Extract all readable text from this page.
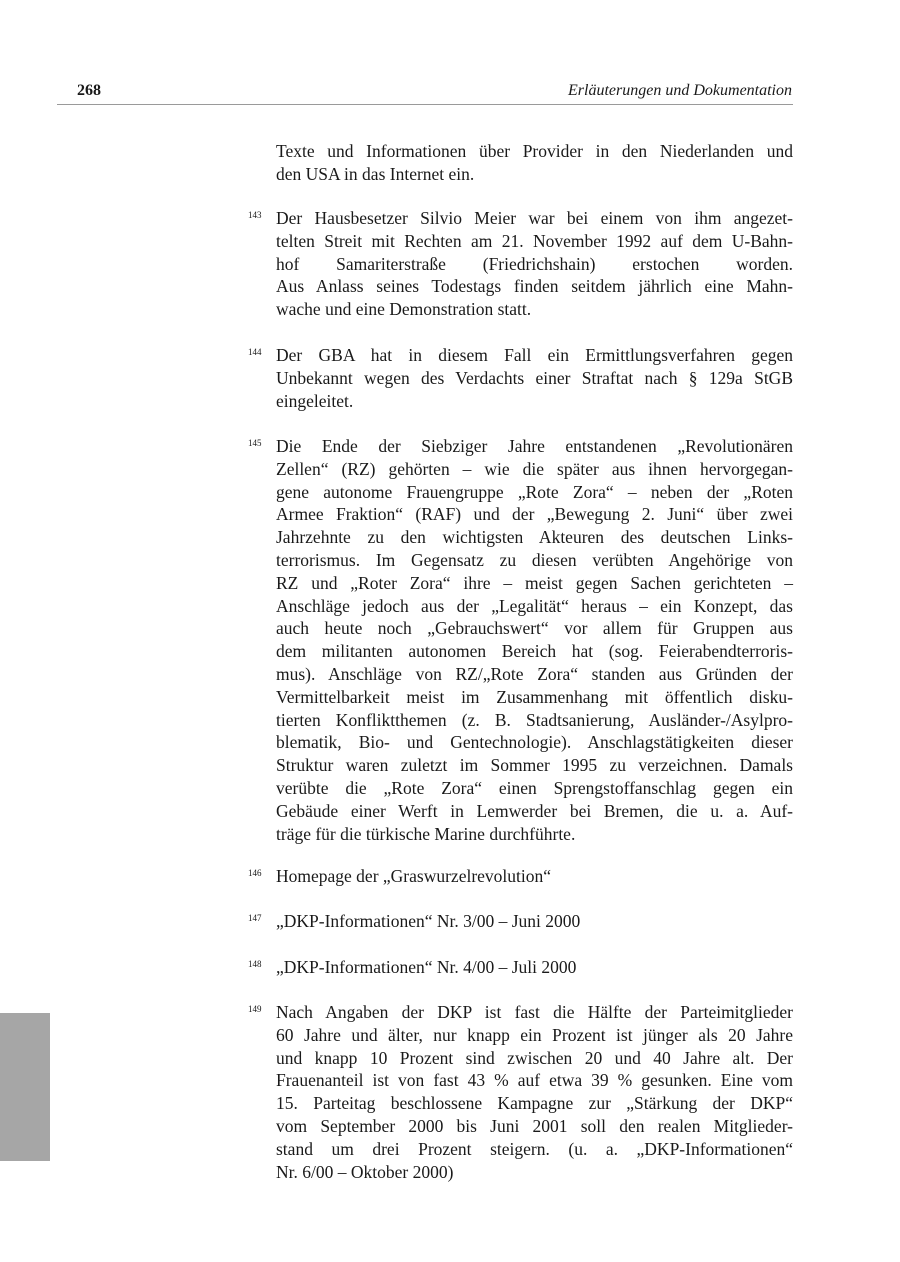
268	Erläuterungen und Dokumentation
Texte und Informationen über Provider in den Niederlanden und
den USA in das Internet ein.
143 Der Hausbesetzer Silvio Meier war bei einem von ihm angezet-
telten Streit mit Rechten am 21. November 1992 auf dem U-Bahn-
hof Samariterstraße (Friedrichshain) erstochen worden.
Aus Anlass seines Todestags finden seitdem jährlich eine Mahn-
wache und eine Demonstration statt.
144 Der GBA hat in diesem Fall ein Ermittlungsverfahren gegen
Unbekannt wegen des Verdachts einer Straftat nach § 129a StGB
eingeleitet.
145 Die Ende der Siebziger Jahre entstandenen „Revolutionären
Zellen“ (RZ) gehörten – wie die später aus ihnen hervorgegan-
gene autonome Frauengruppe „Rote Zora“ – neben der „Roten
Armee Fraktion“ (RAF) und der „Bewegung 2. Juni“ über zwei
Jahrzehnte zu den wichtigsten Akteuren des deutschen Links-
terrorismus. Im Gegensatz zu diesen verübten Angehörige von
RZ und „Roter Zora“ ihre – meist gegen Sachen gerichteten –
Anschläge jedoch aus der „Legalität“ heraus – ein Konzept, das
auch heute noch „Gebrauchswert“ vor allem für Gruppen aus
dem militanten autonomen Bereich hat (sog. Feierabendterroris-
mus). Anschläge von RZ/„Rote Zora“ standen aus Gründen der
Vermittelbarkeit meist im Zusammenhang mit öffentlich disku-
tierten Konfliktthemen (z. B. Stadtsanierung, Ausländer-/Asylpro-
blematik, Bio- und Gentechnologie). Anschlagstätigkeiten dieser
Struktur waren zuletzt im Sommer 1995 zu verzeichnen. Damals
verübte die „Rote Zora“ einen Sprengstoffanschlag gegen ein
Gebäude einer Werft in Lemwerder bei Bremen, die u. a. Auf-
träge für die türkische Marine durchführte.
146 Homepage der „Graswurzelrevolution“
147 „DKP-Informationen“ Nr. 3/00 – Juni 2000
148 „DKP-Informationen“ Nr. 4/00 – Juli 2000
149 Nach Angaben der DKP ist fast die Hälfte der Parteimitglieder
60 Jahre und älter, nur knapp ein Prozent ist jünger als 20 Jahre
und knapp 10 Prozent sind zwischen 20 und 40 Jahre alt. Der
Frauenanteil ist von fast 43 % auf etwa 39 % gesunken. Eine vom
15. Parteitag beschlossene Kampagne zur „Stärkung der DKP“
vom September 2000 bis Juni 2001 soll den realen Mitglieder-
stand um drei Prozent steigern. (u. a. „DKP-Informationen“
Nr. 6/00 – Oktober 2000)
